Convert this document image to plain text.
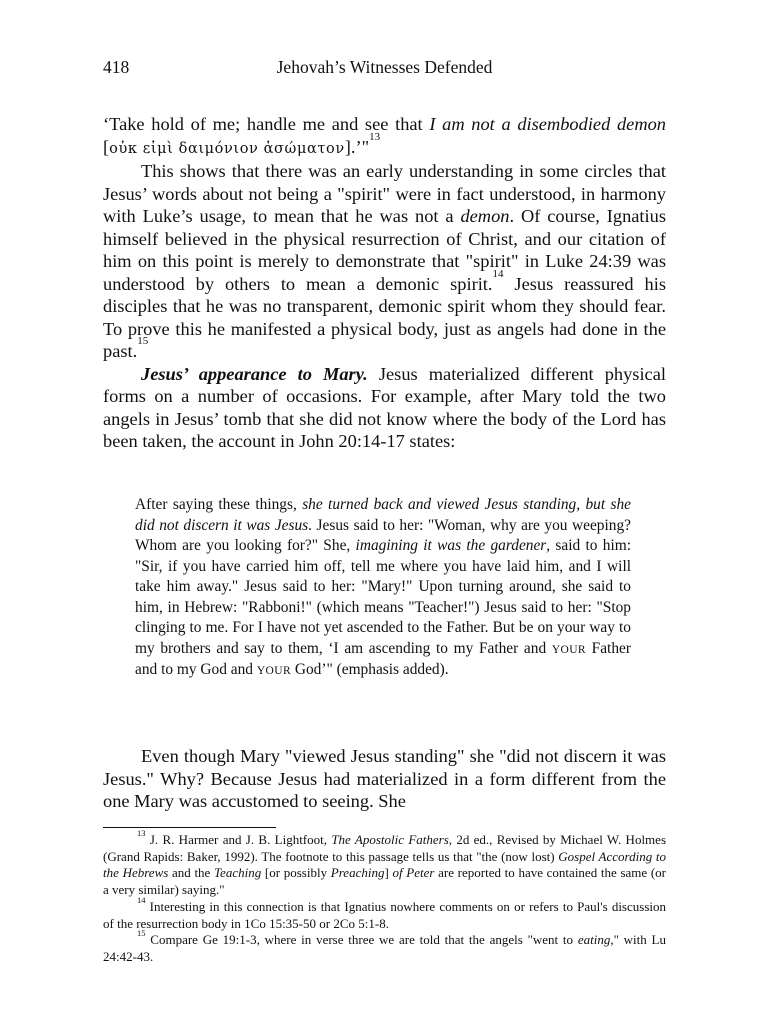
418	Jehovah’s Witnesses Defended

‘Take hold of me; handle me and see that I am not a disembodied demon [οὐκ εἰμὶ δαιμόνιον ἀσώματον].’"$^{13}$

This shows that there was an early understanding in some circles that Jesus’ words about not being a "spirit" were in fact understood, in harmony with Luke’s usage, to mean that he was not a demon. Of course, Ignatius himself believed in the physical resurrection of Christ, and our citation of him on this point is merely to demonstrate that "spirit" in Luke 24:39 was understood by others to mean a demonic spirit.$^{14}$ Jesus reassured his disciples that he was no transparent, demonic spirit whom they should fear. To prove this he manifested a physical body, just as angels had done in the past.$^{15}$

Jesus’ appearance to Mary. Jesus materialized different physical forms on a number of occasions. For example, after Mary told the two angels in Jesus’ tomb that she did not know where the body of the Lord has been taken, the account in John 20:14-17 states:

After saying these things, she turned back and viewed Jesus standing, but she did not discern it was Jesus. Jesus said to her: "Woman, why are you weeping? Whom are you looking for?" She, imagining it was the gardener, said to him: "Sir, if you have carried him off, tell me where you have laid him, and I will take him away." Jesus said to her: "Mary!" Upon turning around, she said to him, in Hebrew: "Rabboni!" (which means "Teacher!") Jesus said to her: "Stop clinging to me. For I have not yet ascended to the Father. But be on your way to my brothers and say to them, ‘I am ascending to my Father and YOUR Father and to my God and YOUR God’" (emphasis added).

Even though Mary "viewed Jesus standing" she "did not discern it was Jesus." Why? Because Jesus had materialized in a form different from the one Mary was accustomed to seeing. She

$^{13}$ J. R. Harmer and J. B. Lightfoot, The Apostolic Fathers, 2d ed., Revised by Michael W. Holmes (Grand Rapids: Baker, 1992). The footnote to this passage tells us that "the (now lost) Gospel According to the Hebrews and the Teaching [or possibly Preaching] of Peter are reported to have contained the same (or a very similar) saying."

$^{14}$ Interesting in this connection is that Ignatius nowhere comments on or refers to Paul's discussion of the resurrection body in 1Co 15:35-50 or 2Co 5:1-8.

$^{15}$ Compare Ge 19:1-3, where in verse three we are told that the angels "went to eating," with Lu 24:42-43.
